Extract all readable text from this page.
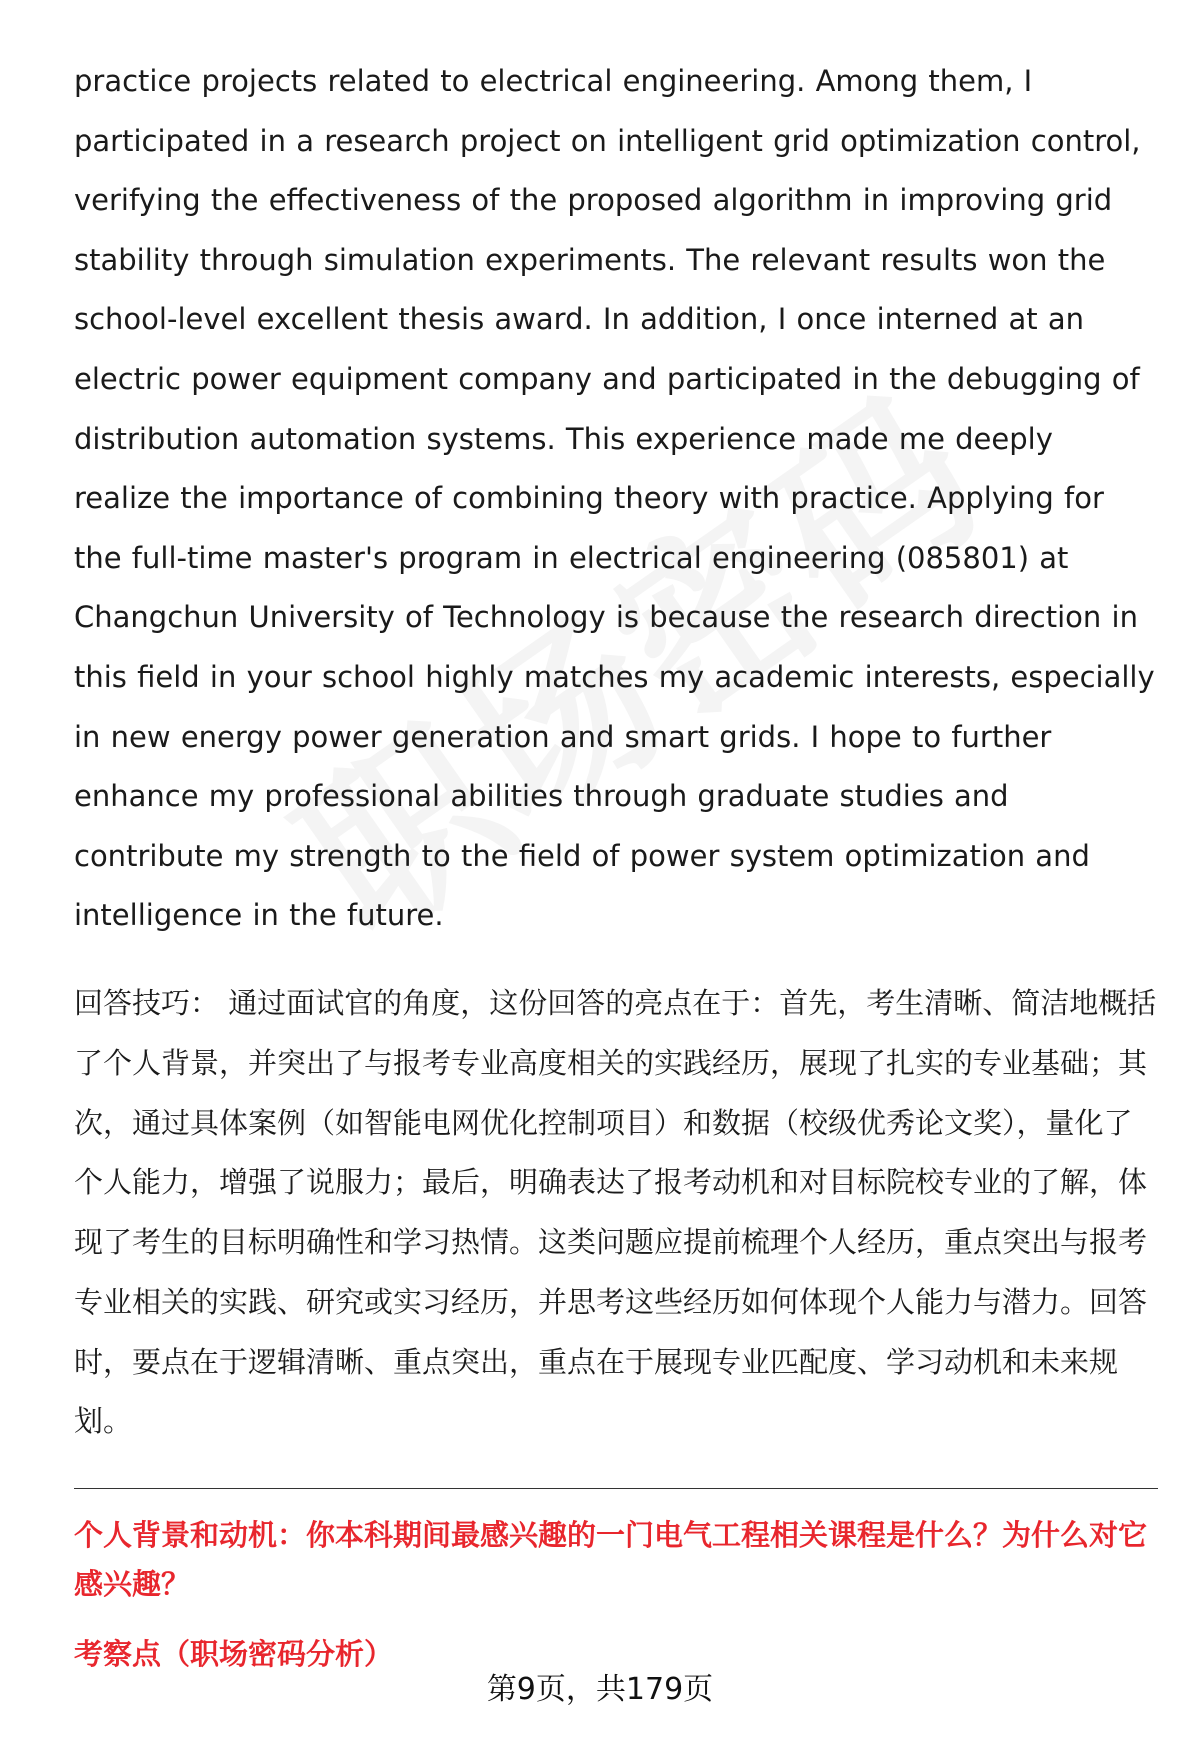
practice projects related to electrical engineering. Among them, I participated in a research project on intelligent grid optimization control, verifying the effectiveness of the proposed algorithm in improving grid stability through simulation experiments. The relevant results won the school-level excellent thesis award. In addition, I once interned at an electric power equipment company and participated in the debugging of distribution automation systems. This experience made me deeply realize the importance of combining theory with practice. Applying for the full-time master's program in electrical engineering (085801) at Changchun University of Technology is because the research direction in this field in your school highly matches my academic interests, especially in new energy power generation and smart grids. I hope to further enhance my professional abilities through graduate studies and contribute my strength to the field of power system optimization and intelligence in the future.

回答技巧： 通过面试官的角度，这份回答的亮点在于：首先，考生清晰、简洁地概括了个人背景，并突出了与报考专业高度相关的实践经历，展现了扎实的专业基础；其次，通过具体案例（如智能电网优化控制项目）和数据（校级优秀论文奖），量化了个人能力，增强了说服力；最后，明确表达了报考动机和对目标院校专业的了解，体现了考生的目标明确性和学习热情。这类问题应提前梳理个人经历，重点突出与报考专业相关的实践、研究或实习经历，并思考这些经历如何体现个人能力与潜力。回答时，要点在于逻辑清晰、重点突出，重点在于展现专业匹配度、学习动机和未来规划。

个人背景和动机：你本科期间最感兴趣的一门电气工程相关课程是什么？为什么对它感兴趣？

考察点（职场密码分析）

第9页，共179页
